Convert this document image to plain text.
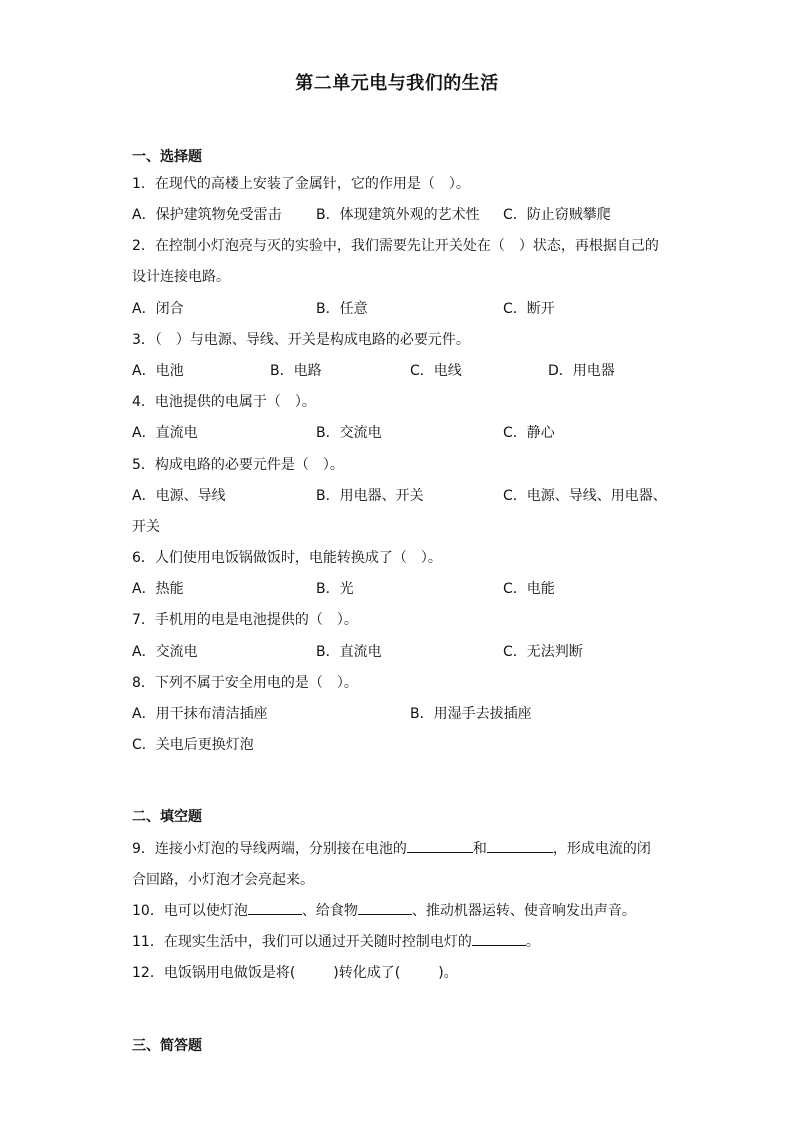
第二单元电与我们的生活
一、选择题
1．在现代的高楼上安装了金属针，它的作用是（　）。
A．保护建筑物免受雷击 B．体现建筑外观的艺术性 C．防止窃贼攀爬
2．在控制小灯泡亮与灭的实验中，我们需要先让开关处在（　）状态，再根据自己的
设计连接电路。
A．闭合	B．任意	C．断开
3．（　）与电源、导线、开关是构成电路的必要元件。
A．电池	B．电路	C．电线	D．用电器
4．电池提供的电属于（　）。
A．直流电	B．交流电	C．静心
5．构成电路的必要元件是（　）。
A．电源、导线	B．用电器、开关	C．电源、导线、用电器、
开关
6．人们使用电饭锅做饭时，电能转换成了（　）。
A．热能	B．光	C．电能
7．手机用的电是电池提供的（　）。
A．交流电	B．直流电	C．无法判断
8．下列不属于安全用电的是（　）。
A．用干抹布清洁插座	B．用湿手去拔插座
C．关电后更换灯泡
二、填空题
9．连接小灯泡的导线两端，分别接在电池的	和	，形成电流的闭
合回路，小灯泡才会亮起来。
10．电可以使灯泡	、给食物	、推动机器运转、使音响发出声音。
11．在现实生活中，我们可以通过开关随时控制电灯的	。
12．电饭锅用电做饭是将(	)转化成了(	)。
三、简答题
